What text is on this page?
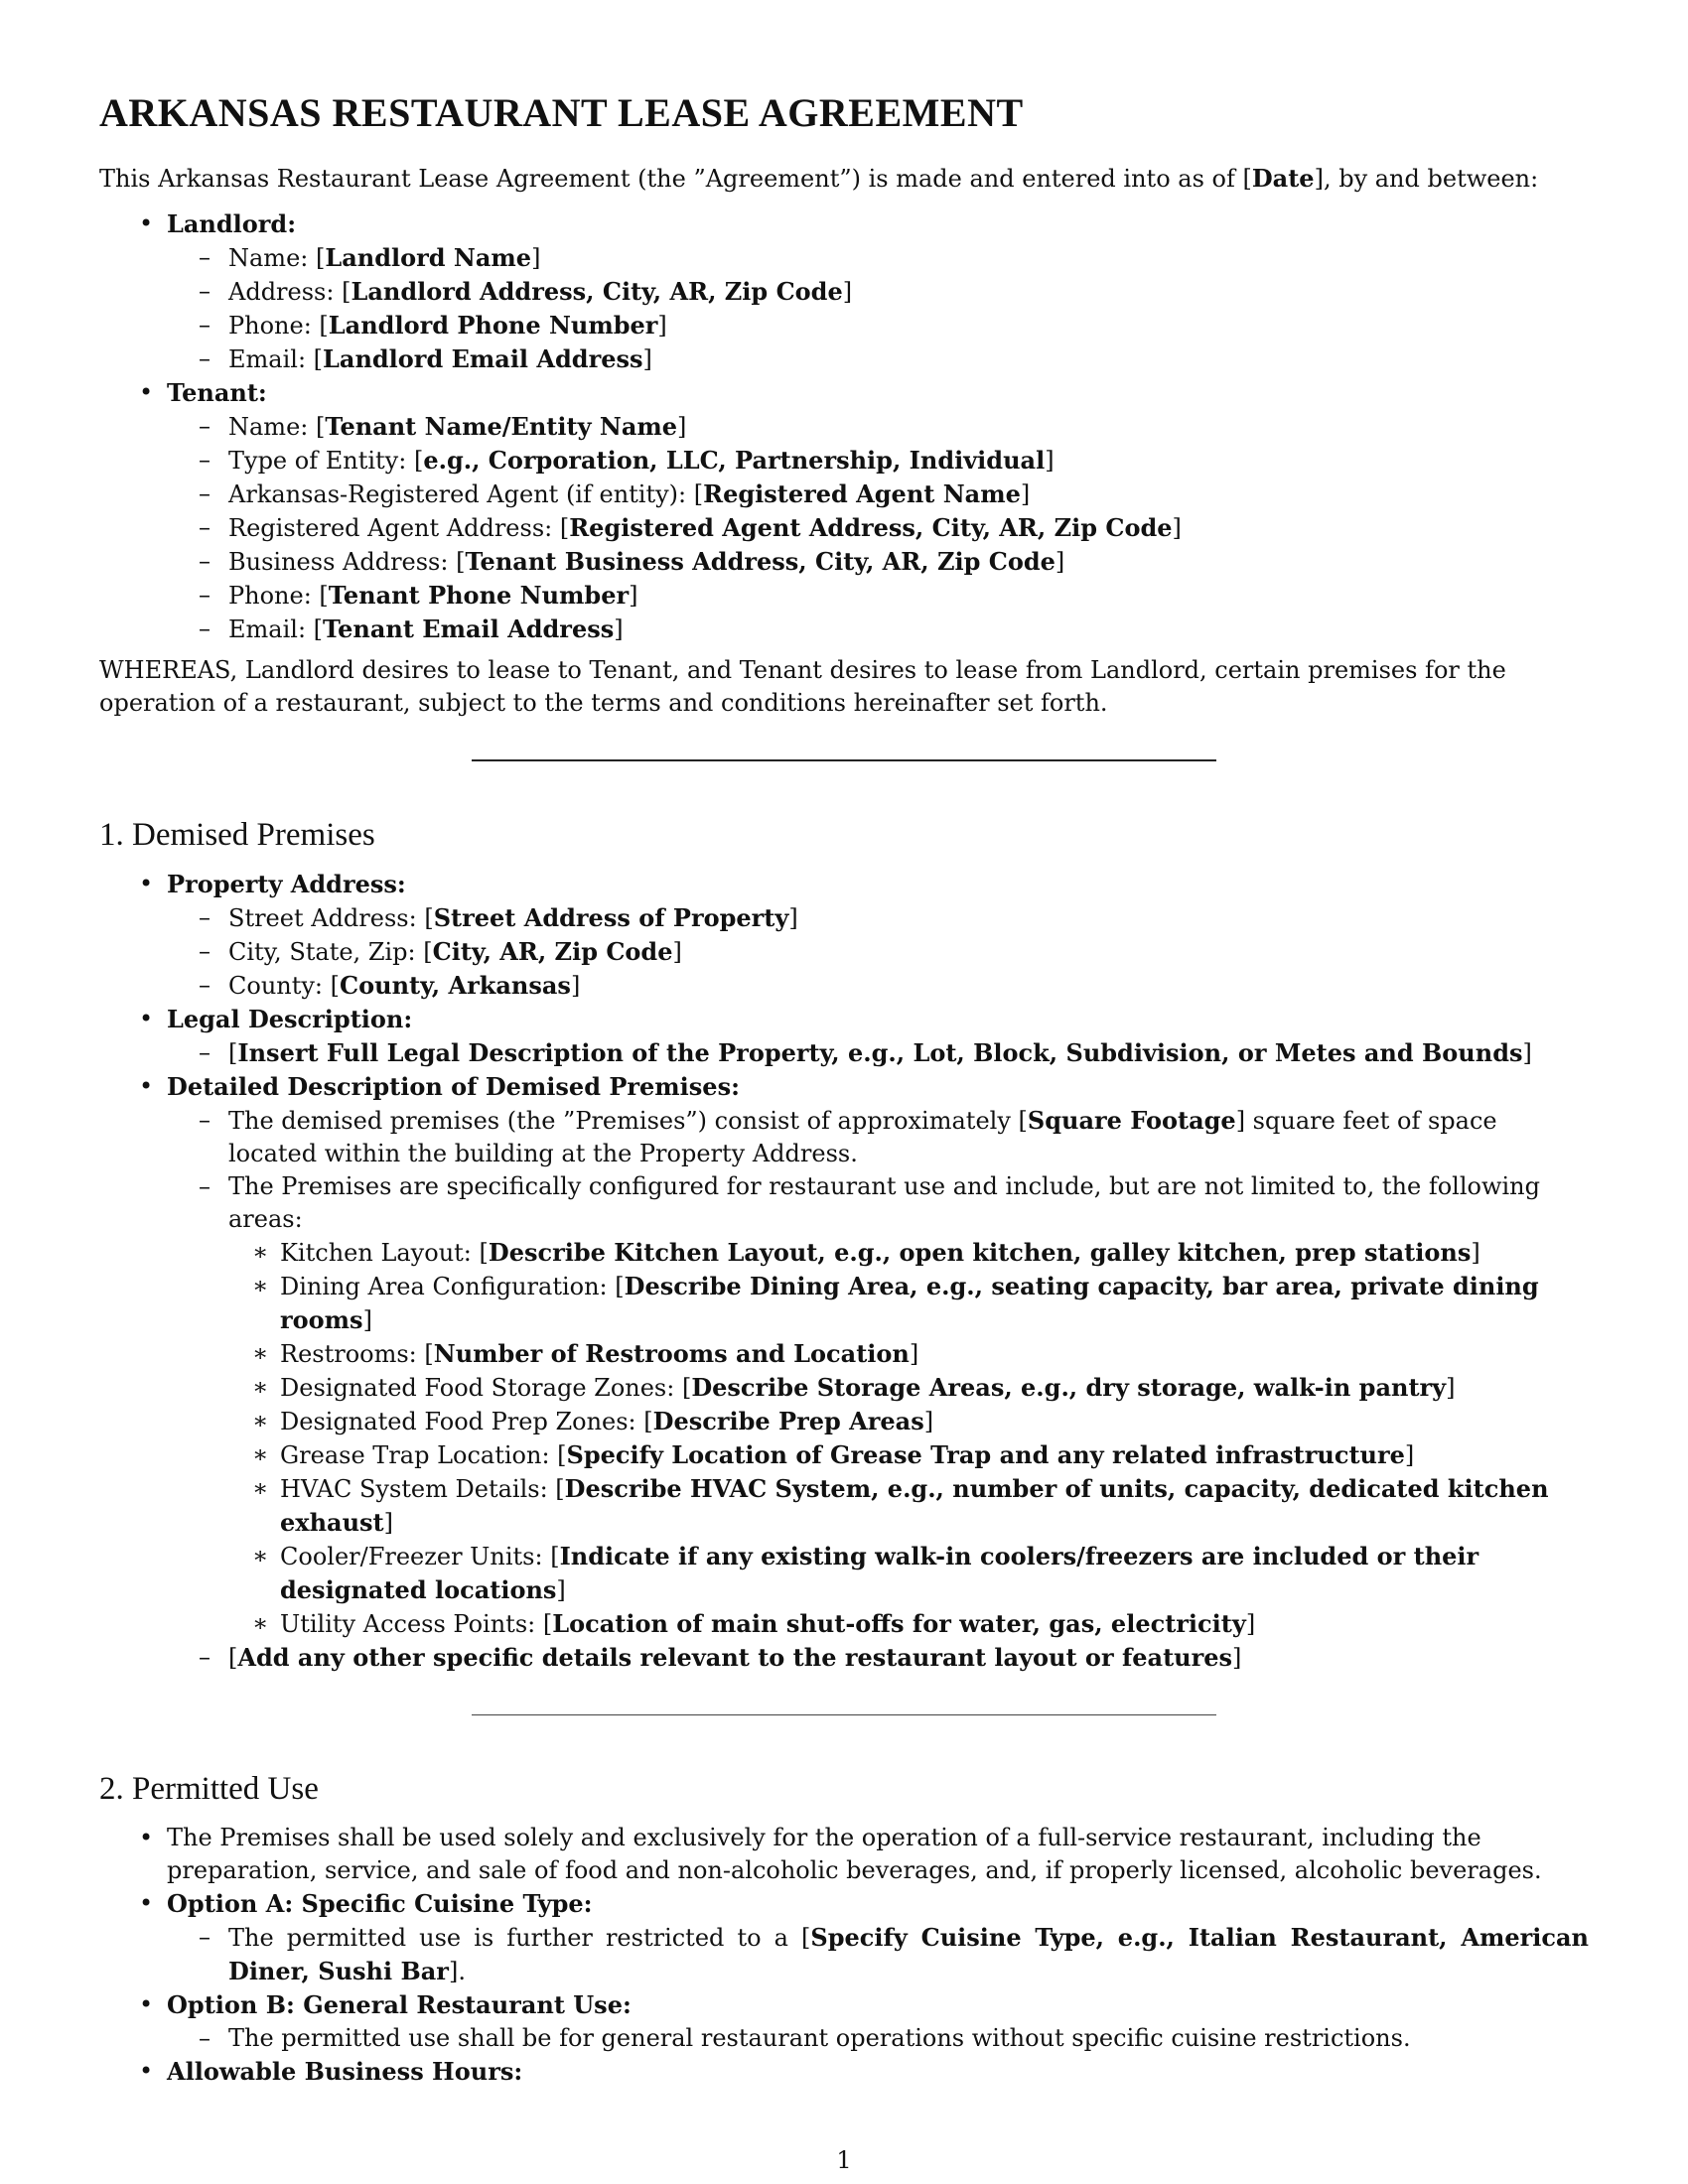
ARKANSAS RESTAURANT LEASE AGREEMENT

This Arkansas Restaurant Lease Agreement (the ”Agreement”) is made and entered into as of [Date], by and between:

• Landlord:
– Name: [Landlord Name]
– Address: [Landlord Address, City, AR, Zip Code]
– Phone: [Landlord Phone Number]
– Email: [Landlord Email Address]
• Tenant:
– Name: [Tenant Name/Entity Name]
– Type of Entity: [e.g., Corporation, LLC, Partnership, Individual]
– Arkansas-Registered Agent (if entity): [Registered Agent Name]
– Registered Agent Address: [Registered Agent Address, City, AR, Zip Code]
– Business Address: [Tenant Business Address, City, AR, Zip Code]
– Phone: [Tenant Phone Number]
– Email: [Tenant Email Address]

WHEREAS, Landlord desires to lease to Tenant, and Tenant desires to lease from Landlord, certain premises for the operation of a restaurant, subject to the terms and conditions hereinafter set forth.

1. Demised Premises
• Property Address:
– Street Address: [Street Address of Property]
– City, State, Zip: [City, AR, Zip Code]
– County: [County, Arkansas]
• Legal Description:
– [Insert Full Legal Description of the Property, e.g., Lot, Block, Subdivision, or Metes and Bounds]
• Detailed Description of Demised Premises:
– The demised premises (the ”Premises”) consist of approximately [Square Footage] square feet of space located within the building at the Property Address.
– The Premises are specifically configured for restaurant use and include, but are not limited to, the following areas:
∗ Kitchen Layout: [Describe Kitchen Layout, e.g., open kitchen, galley kitchen, prep stations]
∗ Dining Area Configuration: [Describe Dining Area, e.g., seating capacity, bar area, private dining rooms]
∗ Restrooms: [Number of Restrooms and Location]
∗ Designated Food Storage Zones: [Describe Storage Areas, e.g., dry storage, walk-in pantry]
∗ Designated Food Prep Zones: [Describe Prep Areas]
∗ Grease Trap Location: [Specify Location of Grease Trap and any related infrastructure]
∗ HVAC System Details: [Describe HVAC System, e.g., number of units, capacity, dedicated kitchen exhaust]
∗ Cooler/Freezer Units: [Indicate if any existing walk-in coolers/freezers are included or their designated locations]
∗ Utility Access Points: [Location of main shut-offs for water, gas, electricity]
– [Add any other specific details relevant to the restaurant layout or features]
2. Permitted Use
• The Premises shall be used solely and exclusively for the operation of a full-service restaurant, including the preparation, service, and sale of food and non-alcoholic beverages, and, if properly licensed, alcoholic beverages.
• Option A: Specific Cuisine Type:
– The permitted use is further restricted to a [Specify Cuisine Type, e.g., Italian Restaurant, American Diner, Sushi Bar].
• Option B: General Restaurant Use:
– The permitted use shall be for general restaurant operations without specific cuisine restrictions.
• Allowable Business Hours:
1
